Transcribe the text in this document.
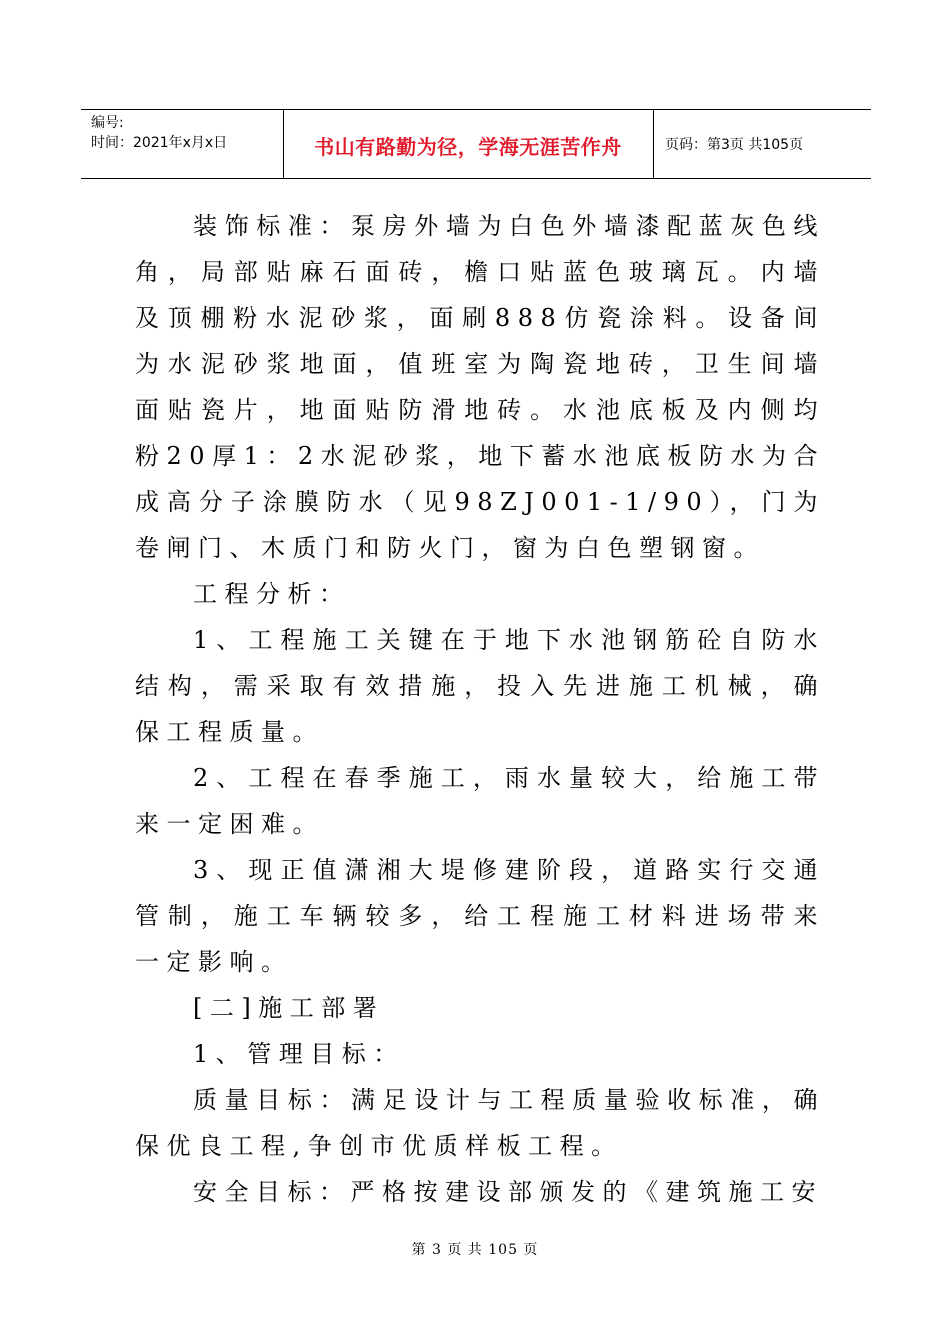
编号:
时间：2021年x月x日	书山有路勤为径，学海无涯苦作舟	页码：第3页 共105页

装饰标准：泵房外墙为白色外墙漆配蓝灰色线角，局部贴麻石面砖，檐口贴蓝色玻璃瓦。内墙及顶棚粉水泥砂浆，面刷888仿瓷涂料。设备间为水泥砂浆地面，值班室为陶瓷地砖，卫生间墙面贴瓷片，地面贴防滑地砖。水池底板及内侧均粉20厚1：2水泥砂浆，地下蓄水池底板防水为合成高分子涂膜防水（见98ZJ001-1/90），门为卷闸门、木质门和防火门，窗为白色塑钢窗。

工程分析：

1、工程施工关键在于地下水池钢筋砼自防水结构，需采取有效措施，投入先进施工机械，确保工程质量。

2、工程在春季施工，雨水量较大，给施工带来一定困难。

3、现正值潇湘大堤修建阶段，道路实行交通管制，施工车辆较多，给工程施工材料进场带来一定影响。

[二]施工部署

1、管理目标：

质量目标：满足设计与工程质量验收标准，确保优良工程,争创市优质样板工程。

安全目标：严格按建设部颁发的《建筑施工安

第 3 页 共 105 页
